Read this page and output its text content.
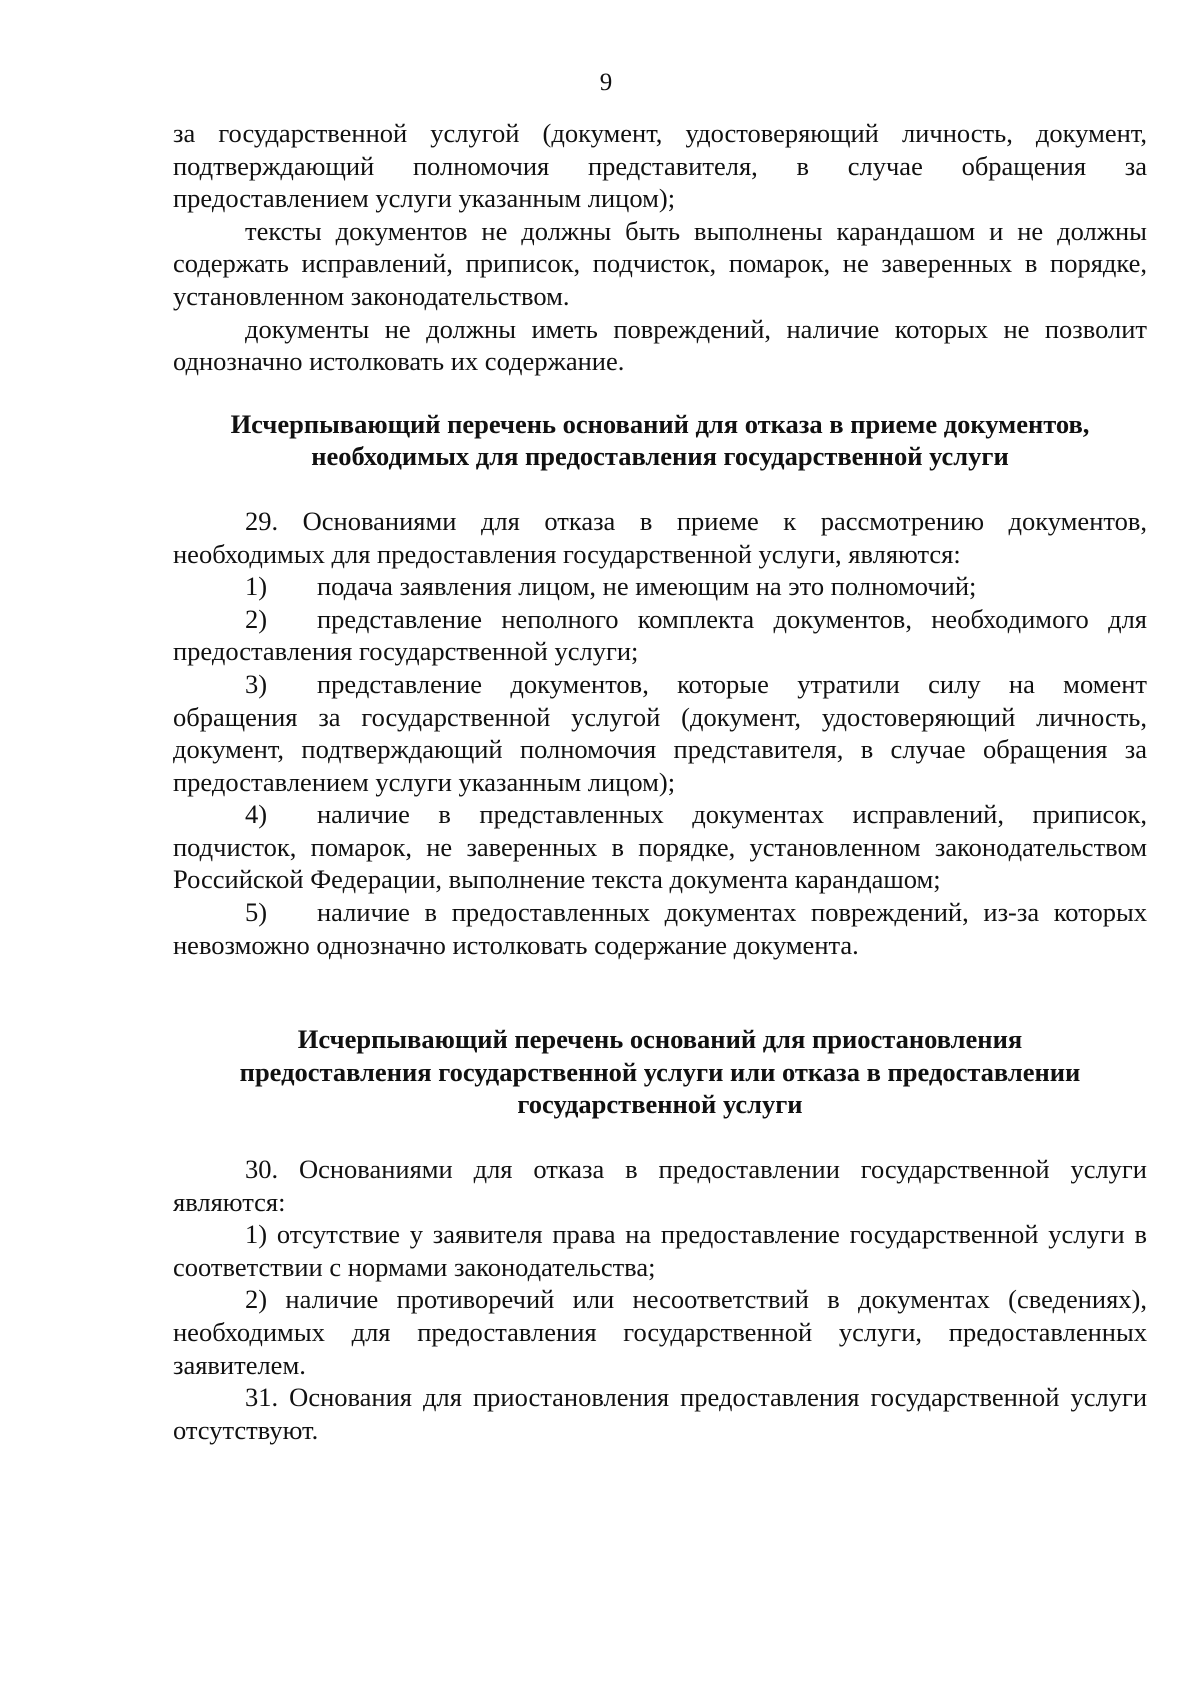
9

за государственной услугой (документ, удостоверяющий личность, документ, подтверждающий полномочия представителя, в случае обращения за предоставлением услуги указанным лицом);

тексты документов не должны быть выполнены карандашом и не должны содержать исправлений, приписок, подчисток, помарок, не заверенных в порядке, установленном законодательством.

документы не должны иметь повреждений, наличие которых не позволит однозначно истолковать их содержание.

Исчерпывающий перечень оснований для отказа в приеме документов,
необходимых для предоставления государственной услуги

29. Основаниями для отказа в приеме к рассмотрению документов, необходимых для предоставления государственной услуги, являются:

1) подача заявления лицом, не имеющим на это полномочий;

2) представление неполного комплекта документов, необходимого для предоставления государственной услуги;

3) представление документов, которые утратили силу на момент обращения за государственной услугой (документ, удостоверяющий личность, документ, подтверждающий полномочия представителя, в случае обращения за предоставлением услуги указанным лицом);

4) наличие в представленных документах исправлений, приписок, подчисток, помарок, не заверенных в порядке, установленном законодательством Российской Федерации, выполнение текста документа карандашом;

5) наличие в предоставленных документах повреждений, из-за которых невозможно однозначно истолковать содержание документа.

Исчерпывающий перечень оснований для приостановления
предоставления государственной услуги или отказа в предоставлении
государственной услуги

30. Основаниями для отказа в предоставлении государственной услуги являются:

1) отсутствие у заявителя права на предоставление государственной услуги в соответствии с нормами законодательства;

2) наличие противоречий или несоответствий в документах (сведениях), необходимых для предоставления государственной услуги, предоставленных заявителем.

31. Основания для приостановления предоставления государственной услуги отсутствуют.
